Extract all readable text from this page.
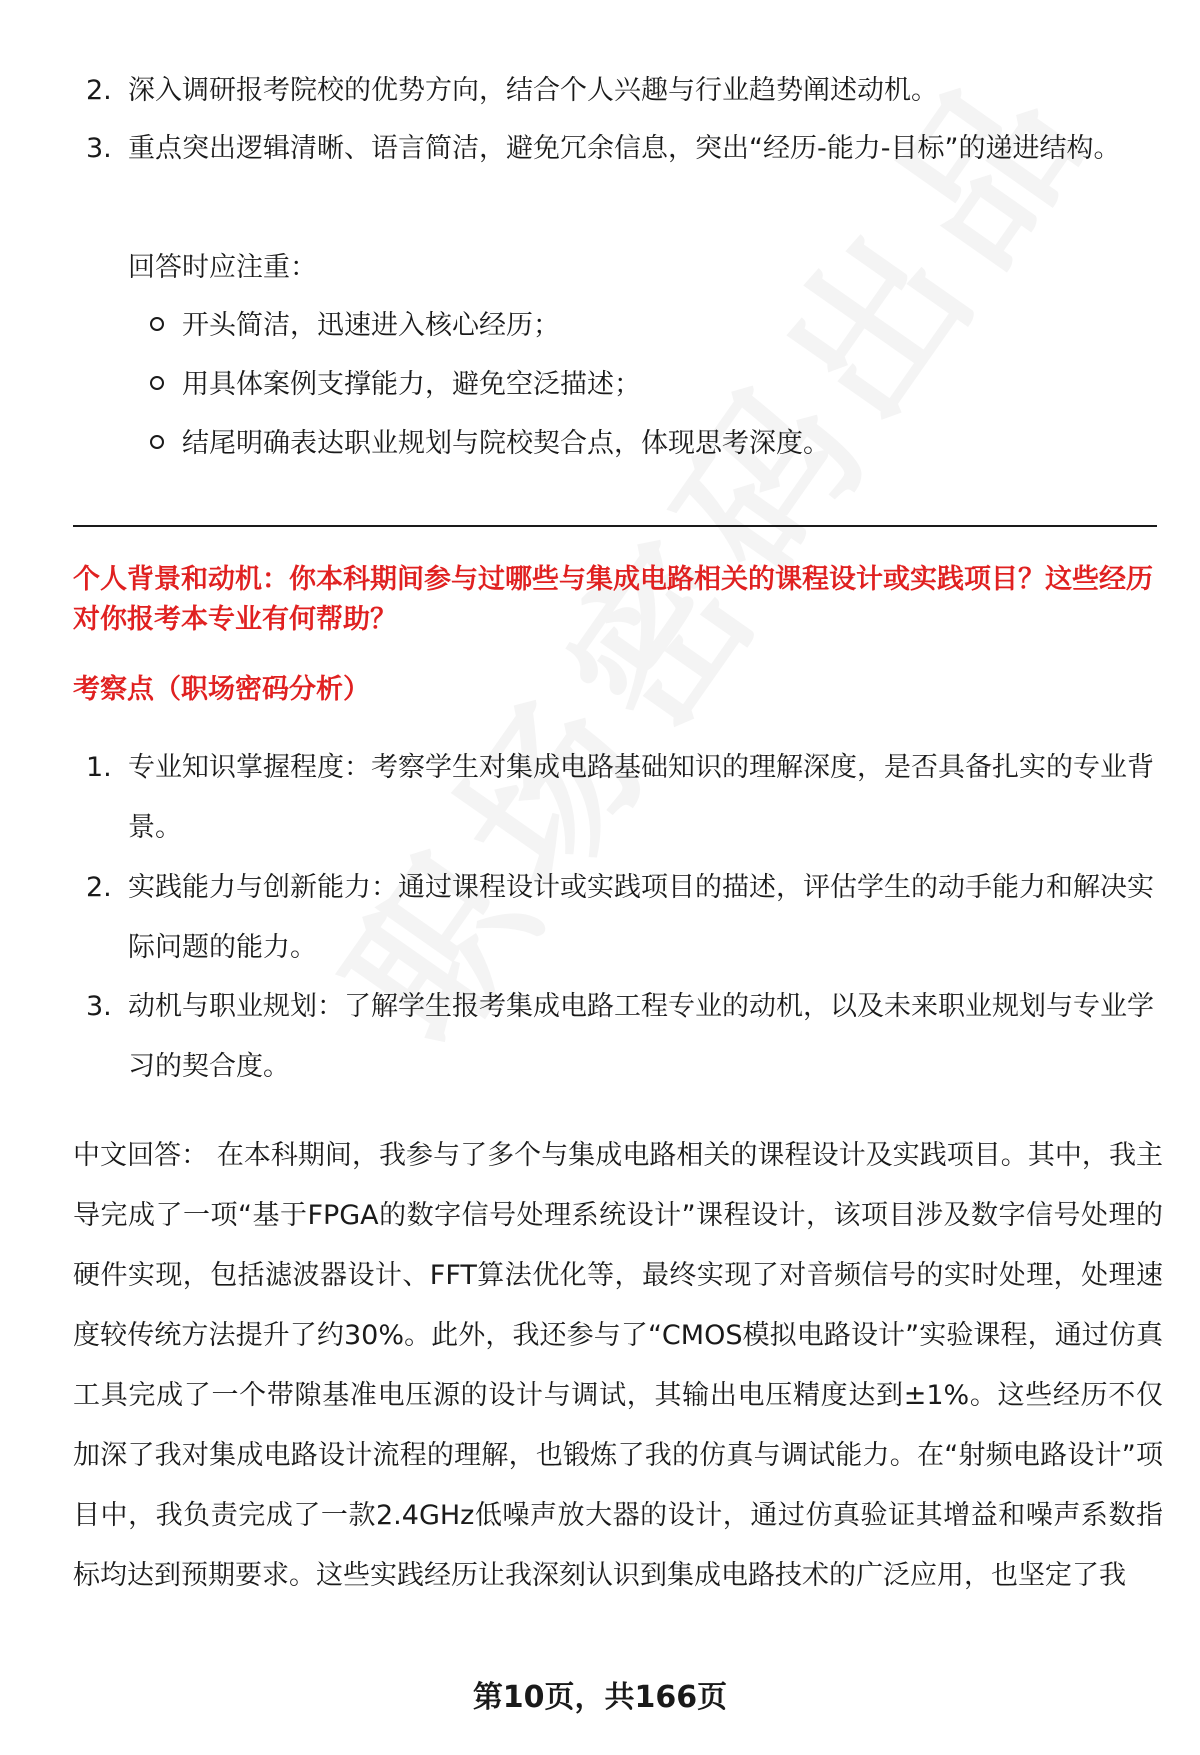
2. 深入调研报考院校的优势方向，结合个人兴趣与行业趋势阐述动机。
3. 重点突出逻辑清晰、语言简洁，避免冗余信息，突出“经历-能力-目标”的递进结构。
回答时应注重：
开头简洁，迅速进入核心经历；
用具体案例支撑能力，避免空泛描述；
结尾明确表达职业规划与院校契合点，体现思考深度。
个人背景和动机：你本科期间参与过哪些与集成电路相关的课程设计或实践项目？这些经历对你报考本专业有何帮助？
考察点（职场密码分析）
1. 专业知识掌握程度：考察学生对集成电路基础知识的理解深度，是否具备扎实的专业背景。
2. 实践能力与创新能力：通过课程设计或实践项目的描述，评估学生的动手能力和解决实际问题的能力。
3. 动机与职业规划：了解学生报考集成电路工程专业的动机，以及未来职业规划与专业学习的契合度。
中文回答： 在本科期间，我参与了多个与集成电路相关的课程设计及实践项目。其中，我主导完成了一项“基于FPGA的数字信号处理系统设计”课程设计，该项目涉及数字信号处理的硬件实现，包括滤波器设计、FFT算法优化等，最终实现了对音频信号的实时处理，处理速度较传统方法提升了约30%。此外，我还参与了“CMOS模拟电路设计”实验课程，通过仿真工具完成了一个带隙基准电压源的设计与调试，其输出电压精度达到±1%。这些经历不仅加深了我对集成电路设计流程的理解，也锻炼了我的仿真与调试能力。在“射频电路设计”项目中，我负责完成了一款2.4GHz低噪声放大器的设计，通过仿真验证其增益和噪声系数指标均达到预期要求。这些实践经历让我深刻认识到集成电路技术的广泛应用，也坚定了我
第10页，共166页
